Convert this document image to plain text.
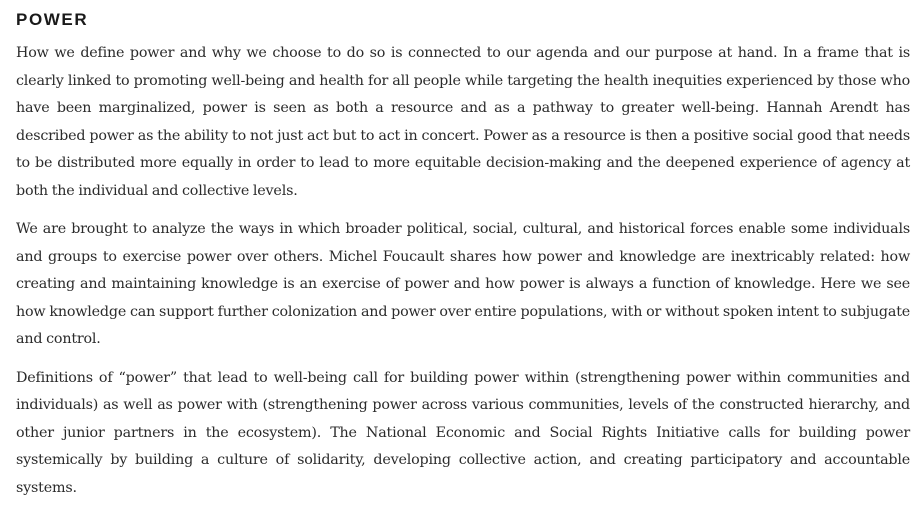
POWER

How we define power and why we choose to do so is connected to our agenda and our purpose at hand. In a frame that is clearly linked to promoting well-being and health for all people while targeting the health inequities experienced by those who have been marginalized, power is seen as both a resource and as a pathway to greater well-being. Hannah Arendt has described power as the ability to not just act but to act in concert. Power as a resource is then a positive social good that needs to be distributed more equally in order to lead to more equitable decision-making and the deepened experience of agency at both the individual and collective levels.

We are brought to analyze the ways in which broader political, social, cultural, and historical forces enable some individuals and groups to exercise power over others. Michel Foucault shares how power and knowledge are inextricably related: how creating and maintaining knowledge is an exercise of power and how power is always a function of knowledge. Here we see how knowledge can support further colonization and power over entire populations, with or without spoken intent to subjugate and control.

Definitions of “power” that lead to well-being call for building power within (strengthening power within communities and individuals) as well as power with (strengthening power across various communities, levels of the constructed hierarchy, and other junior partners in the ecosystem). The National Economic and Social Rights Initiative calls for building power systemically by building a culture of solidarity, developing collective action, and creating participatory and accountable systems.
